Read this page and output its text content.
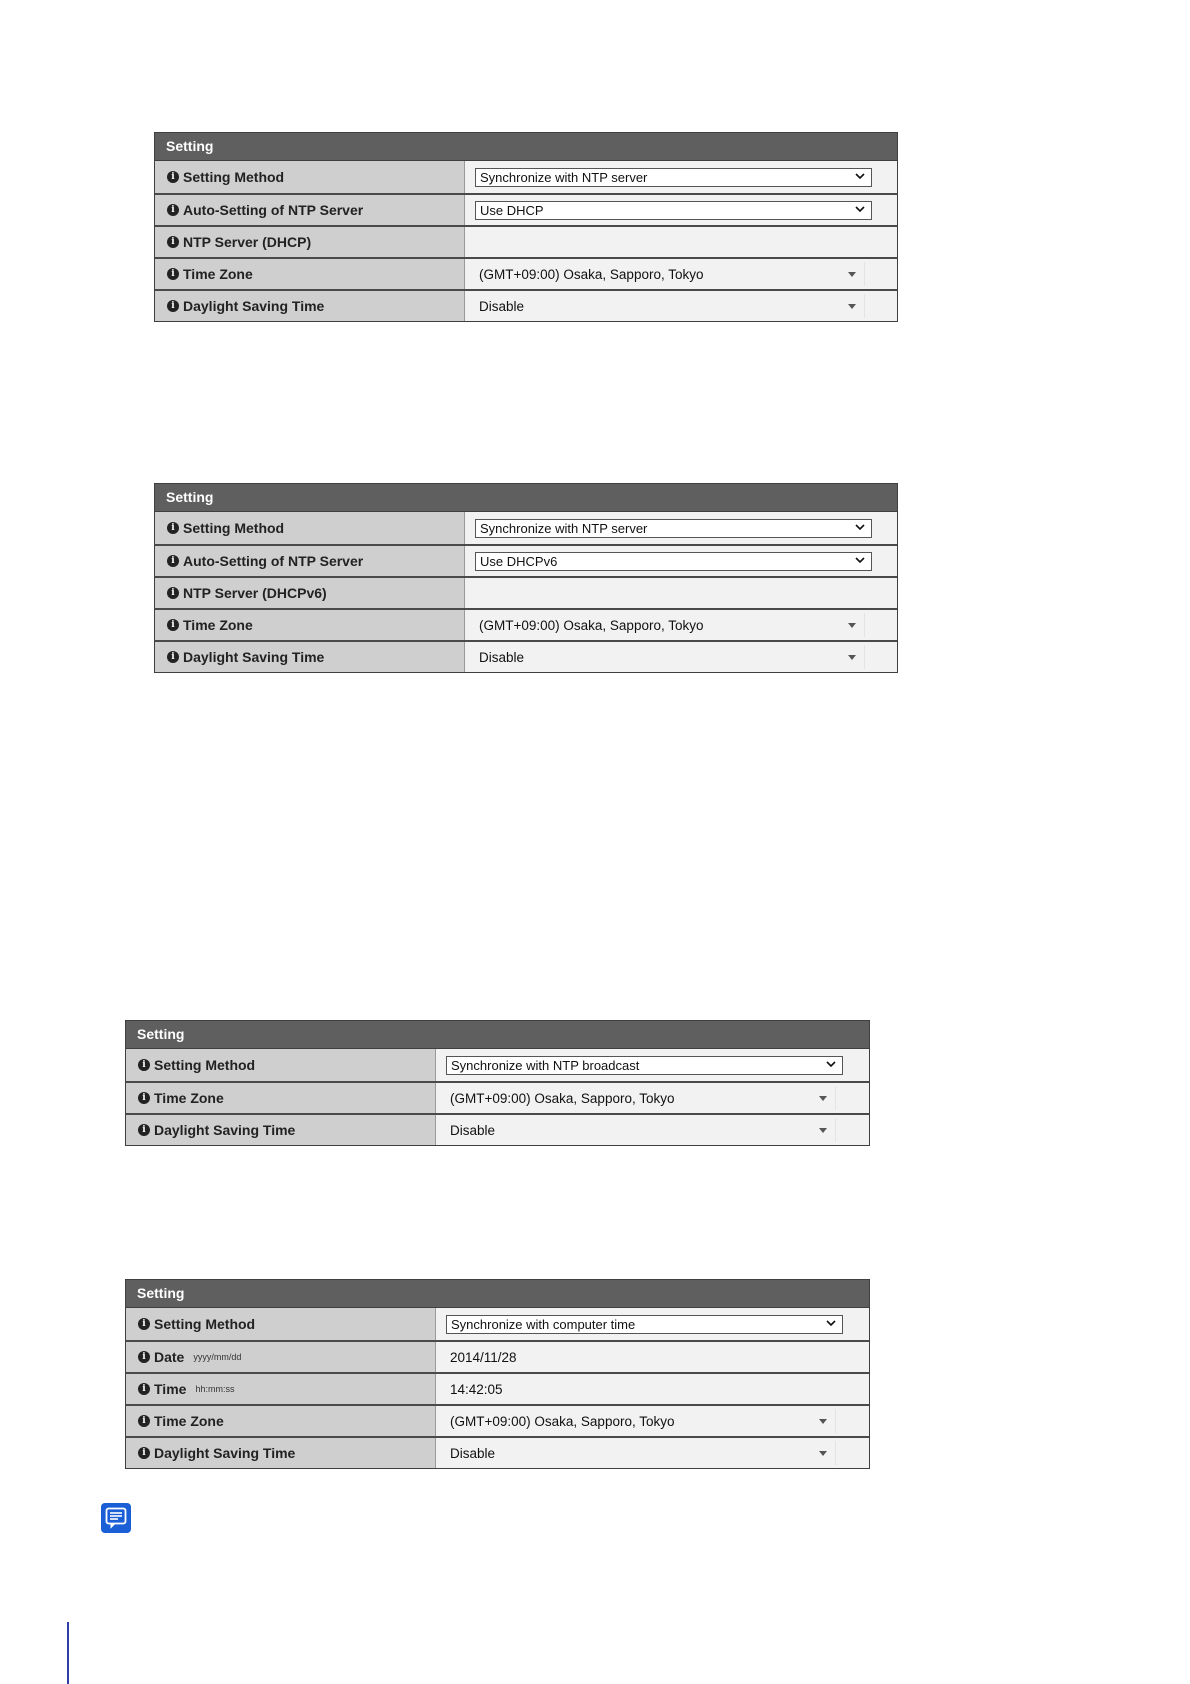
Setting
i Setting Method	Synchronize with NTP server
i Auto-Setting of NTP Server	Use DHCP
i NTP Server (DHCP)
i Time Zone	(GMT+09:00) Osaka, Sapporo, Tokyo
i Daylight Saving Time	Disable
Setting
i Setting Method	Synchronize with NTP server
i Auto-Setting of NTP Server	Use DHCPv6
i NTP Server (DHCPv6)
i Time Zone	(GMT+09:00) Osaka, Sapporo, Tokyo
i Daylight Saving Time	Disable
Setting
i Setting Method	Synchronize with NTP broadcast
i Time Zone	(GMT+09:00) Osaka, Sapporo, Tokyo
i Daylight Saving Time	Disable
Setting
i Setting Method	Synchronize with computer time
i Date yyyy/mm/dd	2014/11/28
i Time hh:mm:ss	14:42:05
i Time Zone	(GMT+09:00) Osaka, Sapporo, Tokyo
i Daylight Saving Time	Disable
